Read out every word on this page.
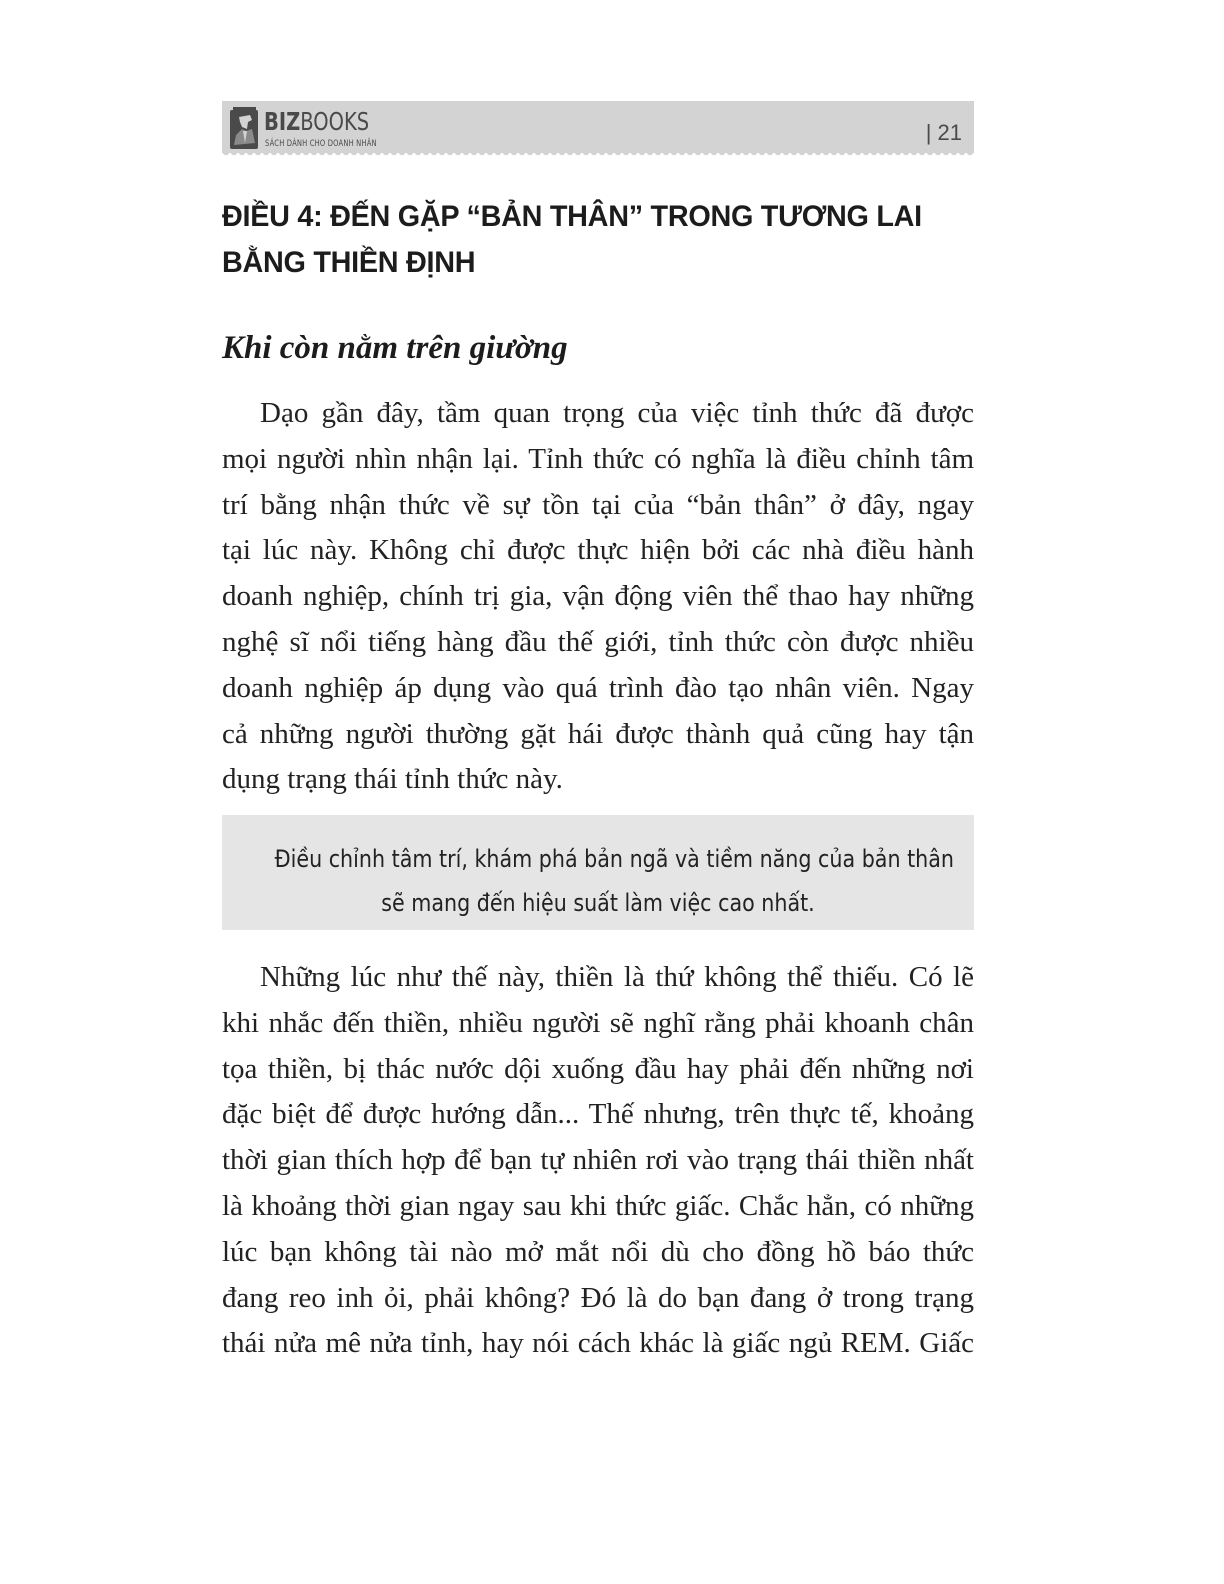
BIZBOOKS
SÁCH DÀNH CHO DOANH NHÂN	| 21
ĐIỀU 4: ĐẾN GẶP “BẢN THÂN” TRONG TƯƠNG LAI
BẰNG THIỀN ĐỊNH
Khi còn nằm trên giường

Dạo gần đây, tầm quan trọng của việc tỉnh thức đã được
mọi người nhìn nhận lại. Tỉnh thức có nghĩa là điều chỉnh tâm
trí bằng nhận thức về sự tồn tại của “bản thân” ở đây, ngay
tại lúc này. Không chỉ được thực hiện bởi các nhà điều hành
doanh nghiệp, chính trị gia, vận động viên thể thao hay những
nghệ sĩ nổi tiếng hàng đầu thế giới, tỉnh thức còn được nhiều
doanh nghiệp áp dụng vào quá trình đào tạo nhân viên. Ngay
cả những người thường gặt hái được thành quả cũng hay tận
dụng trạng thái tỉnh thức này.

Điều chỉnh tâm trí, khám phá bản ngã và tiềm năng của bản thân
sẽ mang đến hiệu suất làm việc cao nhất.

Những lúc như thế này, thiền là thứ không thể thiếu. Có lẽ
khi nhắc đến thiền, nhiều người sẽ nghĩ rằng phải khoanh chân
tọa thiền, bị thác nước dội xuống đầu hay phải đến những nơi
đặc biệt để được hướng dẫn... Thế nhưng, trên thực tế, khoảng
thời gian thích hợp để bạn tự nhiên rơi vào trạng thái thiền nhất
là khoảng thời gian ngay sau khi thức giấc. Chắc hẳn, có những
lúc bạn không tài nào mở mắt nổi dù cho đồng hồ báo thức
đang reo inh ỏi, phải không? Đó là do bạn đang ở trong trạng
thái nửa mê nửa tỉnh, hay nói cách khác là giấc ngủ REM. Giấc
